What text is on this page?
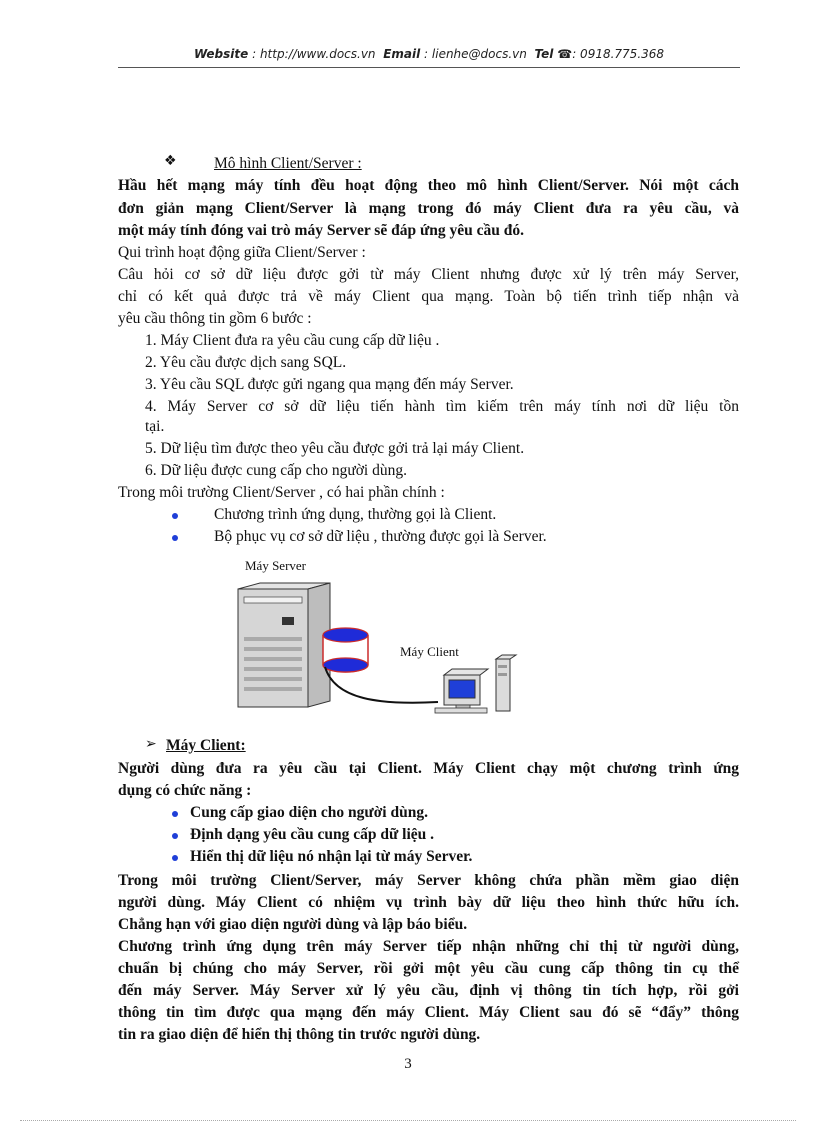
Website : http://www.docs.vn Email : lienhe@docs.vn Tel ☎: 0918.775.368
❖ Mô hình Client/Server :
Hầu hết mạng máy tính đều hoạt động theo mô hình Client/Server. Nói một cách
đơn giản mạng Client/Server là mạng trong đó máy Client đưa ra yêu cầu, và
một máy tính đóng vai trò máy Server sẽ đáp ứng yêu cầu đó.
Qui trình hoạt động giữa Client/Server :
Câu hỏi cơ sở dữ liệu được gởi từ máy Client nhưng được xử lý trên máy Server,
chỉ có kết quả được trả về máy Client qua mạng. Toàn bộ tiến trình tiếp nhận và
yêu cầu thông tin gồm 6 bước :
1. Máy Client đưa ra yêu cầu cung cấp dữ liệu .
2. Yêu cầu được dịch sang SQL.
3. Yêu cầu SQL được gửi ngang qua mạng đến máy Server.
4. Máy Server cơ sở dữ liệu tiến hành tìm kiếm trên máy tính nơi dữ liệu tồn
tại.
5. Dữ liệu tìm được theo yêu cầu được gởi trả lại máy Client.
6. Dữ liệu được cung cấp cho người dùng.
Trong môi trường Client/Server , có hai phần chính :
Chương trình ứng dụng, thường gọi là Client.
Bộ phục vụ cơ sở dữ liệu , thường được gọi là Server.
Máy Server
Máy Client
➢ Máy Client:
Người dùng đưa ra yêu cầu tại Client. Máy Client chạy một chương trình ứng
dụng có chức năng :
Cung cấp giao diện cho người dùng.
Định dạng yêu cầu cung cấp dữ liệu .
Hiển thị dữ liệu nó nhận lại từ máy Server.
Trong môi trường Client/Server, máy Server không chứa phần mềm giao diện
người dùng. Máy Client có nhiệm vụ trình bày dữ liệu theo hình thức hữu ích.
Chẳng hạn với giao diện người dùng và lập báo biểu.
Chương trình ứng dụng trên máy Server tiếp nhận những chỉ thị từ người dùng,
chuẩn bị chúng cho máy Server, rồi gởi một yêu cầu cung cấp thông tin cụ thể
đến máy Server. Máy Server xử lý yêu cầu, định vị thông tin tích hợp, rồi gởi
thông tin tìm được qua mạng đến máy Client. Máy Client sau đó sẽ “đẩy” thông
tin ra giao diện để hiển thị thông tin trước người dùng.
3
